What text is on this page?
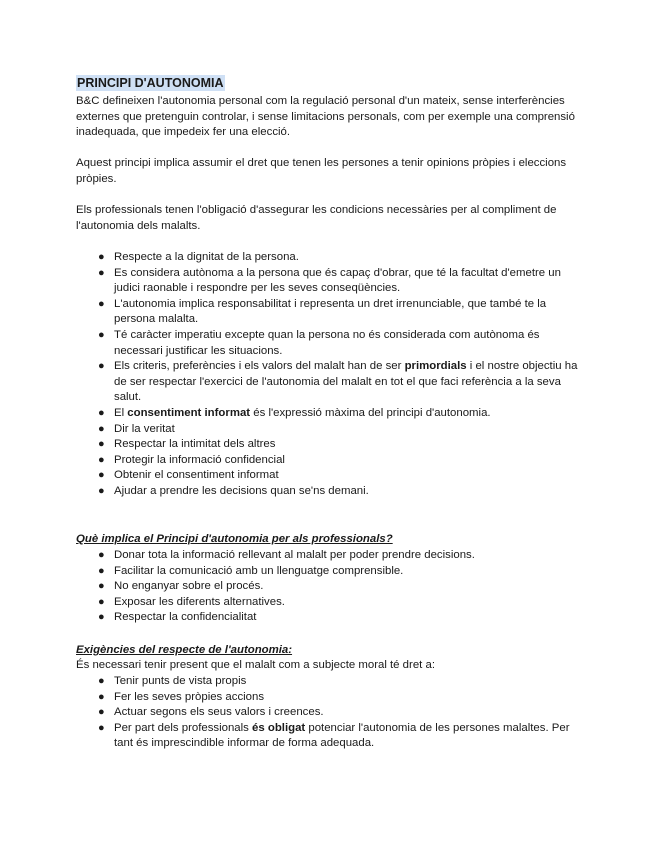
PRINCIPI D'AUTONOMIA

B&C defineixen l'autonomia personal com la regulació personal d'un mateix, sense interferències externes que pretenguin controlar, i sense limitacions personals, com per exemple una comprensió inadequada, que impedeix fer una elecció.

Aquest principi implica assumir el dret que tenen les persones a tenir opinions pròpies i eleccions pròpies.

Els professionals tenen l'obligació d'assegurar les condicions necessàries per al compliment de l'autonomia dels malalts.

● Respecte a la dignitat de la persona.
● Es considera autònoma a la persona que és capaç d'obrar, que té la facultat d'emetre un judici raonable i respondre per les seves conseqüències.
● L'autonomia implica responsabilitat i representa un dret irrenunciable, que també te la persona malalta.
● Té caràcter imperatiu excepte quan la persona no és considerada com autònoma és necessari justificar les situacions.
● Els criteris, preferències i els valors del malalt han de ser primordials i el nostre objectiu ha de ser respectar l'exercici de l'autonomia del malalt en tot el que faci referència a la seva salut.
● El consentiment informat és l'expressió màxima del principi d'autonomia.
● Dir la veritat
● Respectar la intimitat dels altres
● Protegir la informació confidencial
● Obtenir el consentiment informat
● Ajudar a prendre les decisions quan se'ns demani.
Què implica el Principi d'autonomia per als professionals?
● Donar tota la informació rellevant al malalt per poder prendre decisions.
● Facilitar la comunicació amb un llenguatge comprensible.
● No enganyar sobre el procés.
● Exposar les diferents alternatives.
● Respectar la confidencialitat
Exigències del respecte de l'autonomia:

És necessari tenir present que el malalt com a subjecte moral té dret a:

● Tenir punts de vista propis
● Fer les seves pròpies accions
● Actuar segons els seus valors i creences.
● Per part dels professionals és obligat potenciar l'autonomia de les persones malaltes. Per tant és imprescindible informar de forma adequada.
